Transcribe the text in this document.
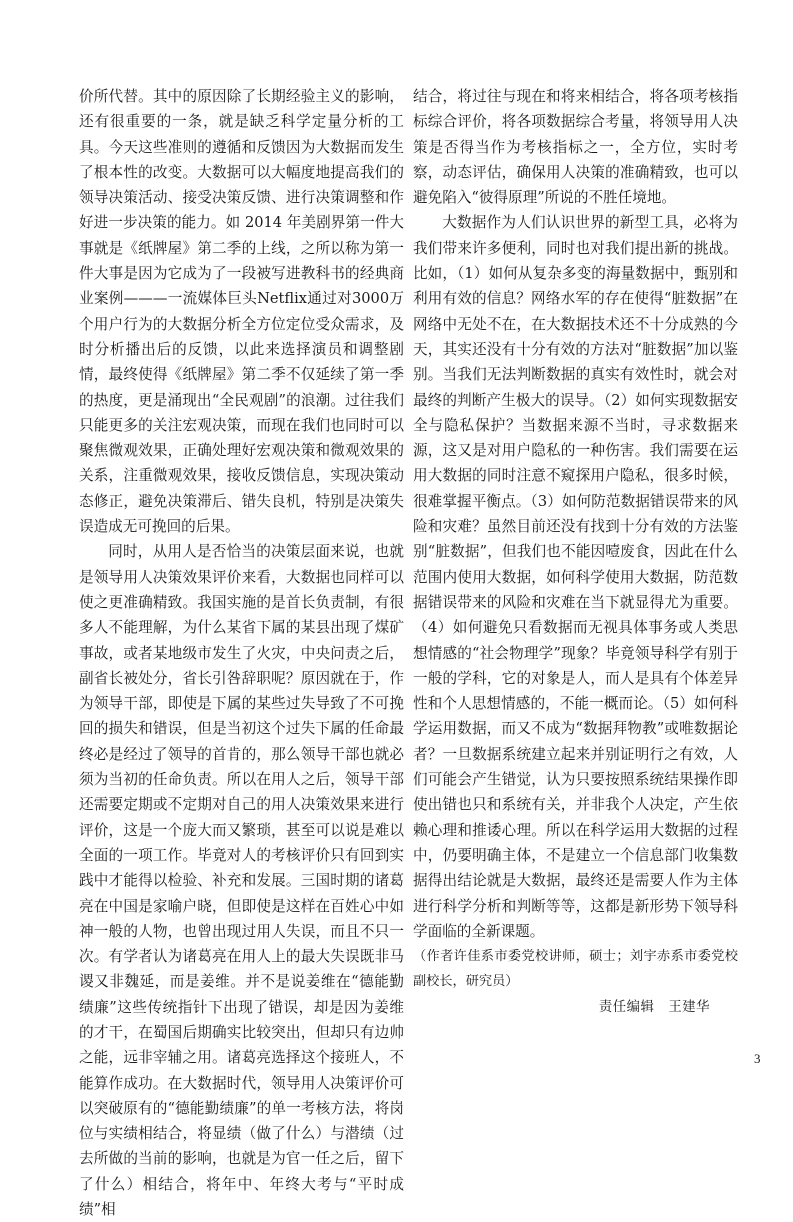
价所代替。其中的原因除了长期经验主义的影响，还有很重要的一条，就是缺乏科学定量分析的工具。今天这些准则的遵循和反馈因为大数据而发生了根本性的改变。大数据可以大幅度地提高我们的领导决策活动、接受决策反馈、进行决策调整和作好进一步决策的能力。如 2014 年美剧界第一件大事就是《纸牌屋》第二季的上线，之所以称为第一件大事是因为它成为了一段被写进教科书的经典商业案例———一流媒体巨头Netflix通过对3000万个用户行为的大数据分析全方位定位受众需求，及时分析播出后的反馈，以此来选择演员和调整剧情，最终使得《纸牌屋》第二季不仅延续了第一季的热度，更是涌现出“全民观剧”的浪潮。过往我们只能更多的关注宏观决策，而现在我们也同时可以聚焦微观效果，正确处理好宏观决策和微观效果的关系，注重微观效果，接收反馈信息，实现决策动态修正，避免决策滞后、错失良机，特别是决策失误造成无可挽回的后果。

同时，从用人是否恰当的决策层面来说，也就是领导用人决策效果评价来看，大数据也同样可以使之更准确精致。我国实施的是首长负责制，有很多人不能理解，为什么某省下属的某县出现了煤矿事故，或者某地级市发生了火灾，中央问责之后，副省长被处分，省长引咎辞职呢？原因就在于，作为领导干部，即使是下属的某些过失导致了不可挽回的损失和错误，但是当初这个过失下属的任命最终必是经过了领导的首肯的，那么领导干部也就必须为当初的任命负责。所以在用人之后，领导干部还需要定期或不定期对自己的用人决策效果来进行评价，这是一个庞大而又繁琐，甚至可以说是难以全面的一项工作。毕竟对人的考核评价只有回到实践中才能得以检验、补充和发展。三国时期的诸葛亮在中国是家喻户晓，但即使是这样在百姓心中如神一般的人物，也曾出现过用人失误，而且不只一次。有学者认为诸葛亮在用人上的最大失误既非马谡又非魏延，而是姜维。并不是说姜维在“德能勤绩廉”这些传统指针下出现了错误，却是因为姜维的才干，在蜀国后期确实比较突出，但却只有边帅之能，远非宰辅之用。诸葛亮选择这个接班人，不能算作成功。在大数据时代，领导用人决策评价可以突破原有的“德能勤绩廉”的单一考核方法，将岗位与实绩相结合，将显绩（做了什么）与潜绩（过去所做的当前的影响，也就是为官一任之后，留下了什么）相结合，将年中、年终大考与“平时成绩”相

结合，将过往与现在和将来相结合，将各项考核指标综合评价，将各项数据综合考量，将领导用人决策是否得当作为考核指标之一，全方位，实时考察，动态评估，确保用人决策的准确精致，也可以避免陷入“彼得原理”所说的不胜任境地。

大数据作为人们认识世界的新型工具，必将为我们带来许多便利，同时也对我们提出新的挑战。比如，（1）如何从复杂多变的海量数据中，甄别和利用有效的信息？网络水军的存在使得“脏数据”在网络中无处不在，在大数据技术还不十分成熟的今天，其实还没有十分有效的方法对“脏数据”加以鉴别。当我们无法判断数据的真实有效性时，就会对最终的判断产生极大的误导。（2）如何实现数据安全与隐私保护？当数据来源不当时，寻求数据来源，这又是对用户隐私的一种伤害。我们需要在运用大数据的同时注意不窥探用户隐私，很多时候，很难掌握平衡点。（3）如何防范数据错误带来的风险和灾难？虽然目前还没有找到十分有效的方法鉴别“脏数据”，但我们也不能因噎废食，因此在什么范围内使用大数据，如何科学使用大数据，防范数据错误带来的风险和灾难在当下就显得尤为重要。（4）如何避免只看数据而无视具体事务或人类思想情感的“社会物理学”现象？毕竟领导科学有别于一般的学科，它的对象是人，而人是具有个体差异性和个人思想情感的，不能一概而论。（5）如何科学运用数据，而又不成为“数据拜物教”或唯数据论者？一旦数据系统建立起来并别证明行之有效，人们可能会产生错觉，认为只要按照系统结果操作即使出错也只和系统有关，并非我个人决定，产生依赖心理和推诿心理。所以在科学运用大数据的过程中，仍要明确主体，不是建立一个信息部门收集数据得出结论就是大数据，最终还是需要人作为主体进行科学分析和判断等等，这都是新形势下领导科学面临的全新课题。

（作者许佳系市委党校讲师，硕士；刘宇赤系市委党校副校长，研究员）

责任编辑　王建华

3
